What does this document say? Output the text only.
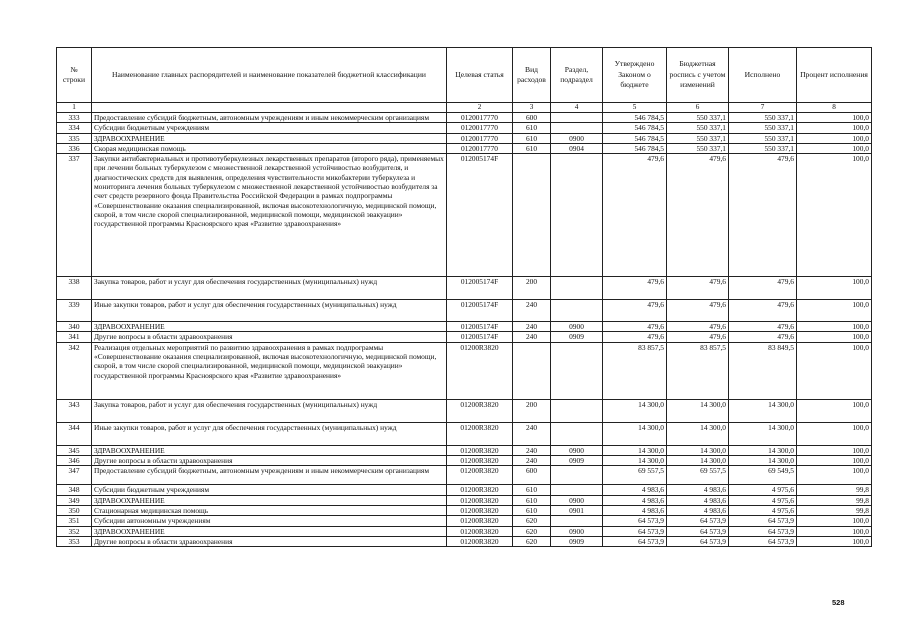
№ строки	Наименование главных распорядителей и наименование показателей бюджетной классификации	Целевая статья	Вид расходов	Раздел, подраздел	Утверждено Законом о бюджете	Бюджетная роспись с учетом изменений	Исполнено	Процент исполнения
1		2	3	4	5	6	7	8
333	Предоставление субсидий бюджетным, автономным учреждениям и иным некоммерческим организациям	0120017770	600		546 784,5	550 337,1	550 337,1	100,0
334	Субсидии бюджетным учреждениям	0120017770	610		546 784,5	550 337,1	550 337,1	100,0
335	ЗДРАВООХРАНЕНИЕ	0120017770	610	0900	546 784,5	550 337,1	550 337,1	100,0
336	Скорая медицинская помощь	0120017770	610	0904	546 784,5	550 337,1	550 337,1	100,0
337	Закупки антибактериальных и противотуберкулезных лекарственных препаратов (второго ряда), применяемых при лечении больных туберкулезом с множественной лекарственной устойчивостью возбудителя, и диагностических средств для выявления, определения чувствительности микобактерии туберкулеза и мониторинга лечения больных туберкулезом с множественной лекарственной устойчивостью возбудителя за счет средств резервного фонда Правительства Российской Федерации в рамках подпрограммы «Совершенствование оказания специализированной, включая высокотехнологичную, медицинской помощи, скорой, в том числе скорой специализированной, медицинской помощи, медицинской эвакуации» государственной программы Красноярского края «Развитие здравоохранения»	012005174F			479,6	479,6	479,6	100,0
338	Закупка товаров, работ и услуг для обеспечения государственных (муниципальных) нужд	012005174F	200		479,6	479,6	479,6	100,0
339	Иные закупки товаров, работ и услуг для обеспечения государственных (муниципальных) нужд	012005174F	240		479,6	479,6	479,6	100,0
340	ЗДРАВООХРАНЕНИЕ	012005174F	240	0900	479,6	479,6	479,6	100,0
341	Другие вопросы в области здравоохранения	012005174F	240	0909	479,6	479,6	479,6	100,0
342	Реализация отдельных мероприятий по развитию здравоохранения в рамках подпрограммы «Совершенствование оказания специализированной, включая высокотехнологичную, медицинской помощи, скорой, в том числе скорой специализированной, медицинской помощи, медицинской эвакуации» государственной программы Красноярского края «Развитие здравоохранения»	01200R3820			83 857,5	83 857,5	83 849,5	100,0
343	Закупка товаров, работ и услуг для обеспечения государственных (муниципальных) нужд	01200R3820	200		14 300,0	14 300,0	14 300,0	100,0
344	Иные закупки товаров, работ и услуг для обеспечения государственных (муниципальных) нужд	01200R3820	240		14 300,0	14 300,0	14 300,0	100,0
345	ЗДРАВООХРАНЕНИЕ	01200R3820	240	0900	14 300,0	14 300,0	14 300,0	100,0
346	Другие вопросы в области здравоохранения	01200R3820	240	0909	14 300,0	14 300,0	14 300,0	100,0
347	Предоставление субсидий бюджетным, автономным учреждениям и иным некоммерческим организациям	01200R3820	600		69 557,5	69 557,5	69 549,5	100,0
348	Субсидии бюджетным учреждениям	01200R3820	610		4 983,6	4 983,6	4 975,6	99,8
349	ЗДРАВООХРАНЕНИЕ	01200R3820	610	0900	4 983,6	4 983,6	4 975,6	99,8
350	Стационарная медицинская помощь	01200R3820	610	0901	4 983,6	4 983,6	4 975,6	99,8
351	Субсидии автономным учреждениям	01200R3820	620		64 573,9	64 573,9	64 573,9	100,0
352	ЗДРАВООХРАНЕНИЕ	01200R3820	620	0900	64 573,9	64 573,9	64 573,9	100,0
353	Другие вопросы в области здравоохранения	01200R3820	620	0909	64 573,9	64 573,9	64 573,9	100,0
528
